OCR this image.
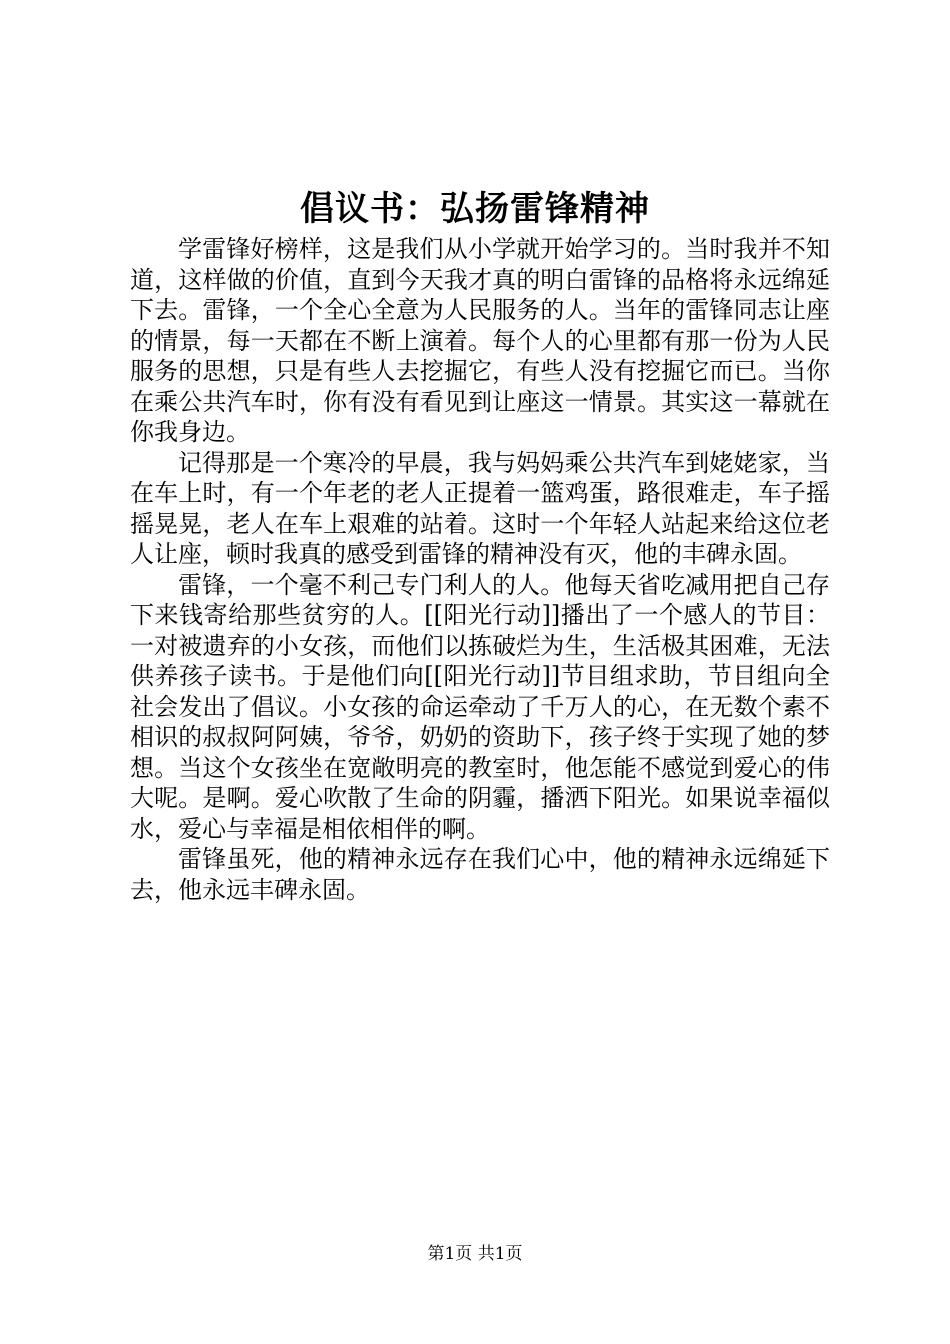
倡议书：弘扬雷锋精神

学雷锋好榜样，这是我们从小学就开始学习的。当时我并不知道，这样做的价值，直到今天我才真的明白雷锋的品格将永远绵延下去。雷锋，一个全心全意为人民服务的人。当年的雷锋同志让座的情景，每一天都在不断上演着。每个人的心里都有那一份为人民服务的思想，只是有些人去挖掘它，有些人没有挖掘它而已。当你在乘公共汽车时，你有没有看见到让座这一情景。其实这一幕就在你我身边。

记得那是一个寒冷的早晨，我与妈妈乘公共汽车到姥姥家，当在车上时，有一个年老的老人正提着一篮鸡蛋，路很难走，车子摇摇晃晃，老人在车上艰难的站着。这时一个年轻人站起来给这位老人让座，顿时我真的感受到雷锋的精神没有灭，他的丰碑永固。

雷锋，一个毫不利己专门利人的人。他每天省吃减用把自己存下来钱寄给那些贫穷的人。[[阳光行动]]播出了一个感人的节目：一对被遗弃的小女孩，而他们以拣破烂为生，生活极其困难，无法供养孩子读书。于是他们向[[阳光行动]]节目组求助，节目组向全社会发出了倡议。小女孩的命运牵动了千万人的心，在无数个素不相识的叔叔阿阿姨，爷爷，奶奶的资助下，孩子终于实现了她的梦想。当这个女孩坐在宽敞明亮的教室时，他怎能不感觉到爱心的伟大呢。是啊。爱心吹散了生命的阴霾，播洒下阳光。如果说幸福似水，爱心与幸福是相依相伴的啊。

雷锋虽死，他的精神永远存在我们心中，他的精神永远绵延下去，他永远丰碑永固。

第1页 共1页
